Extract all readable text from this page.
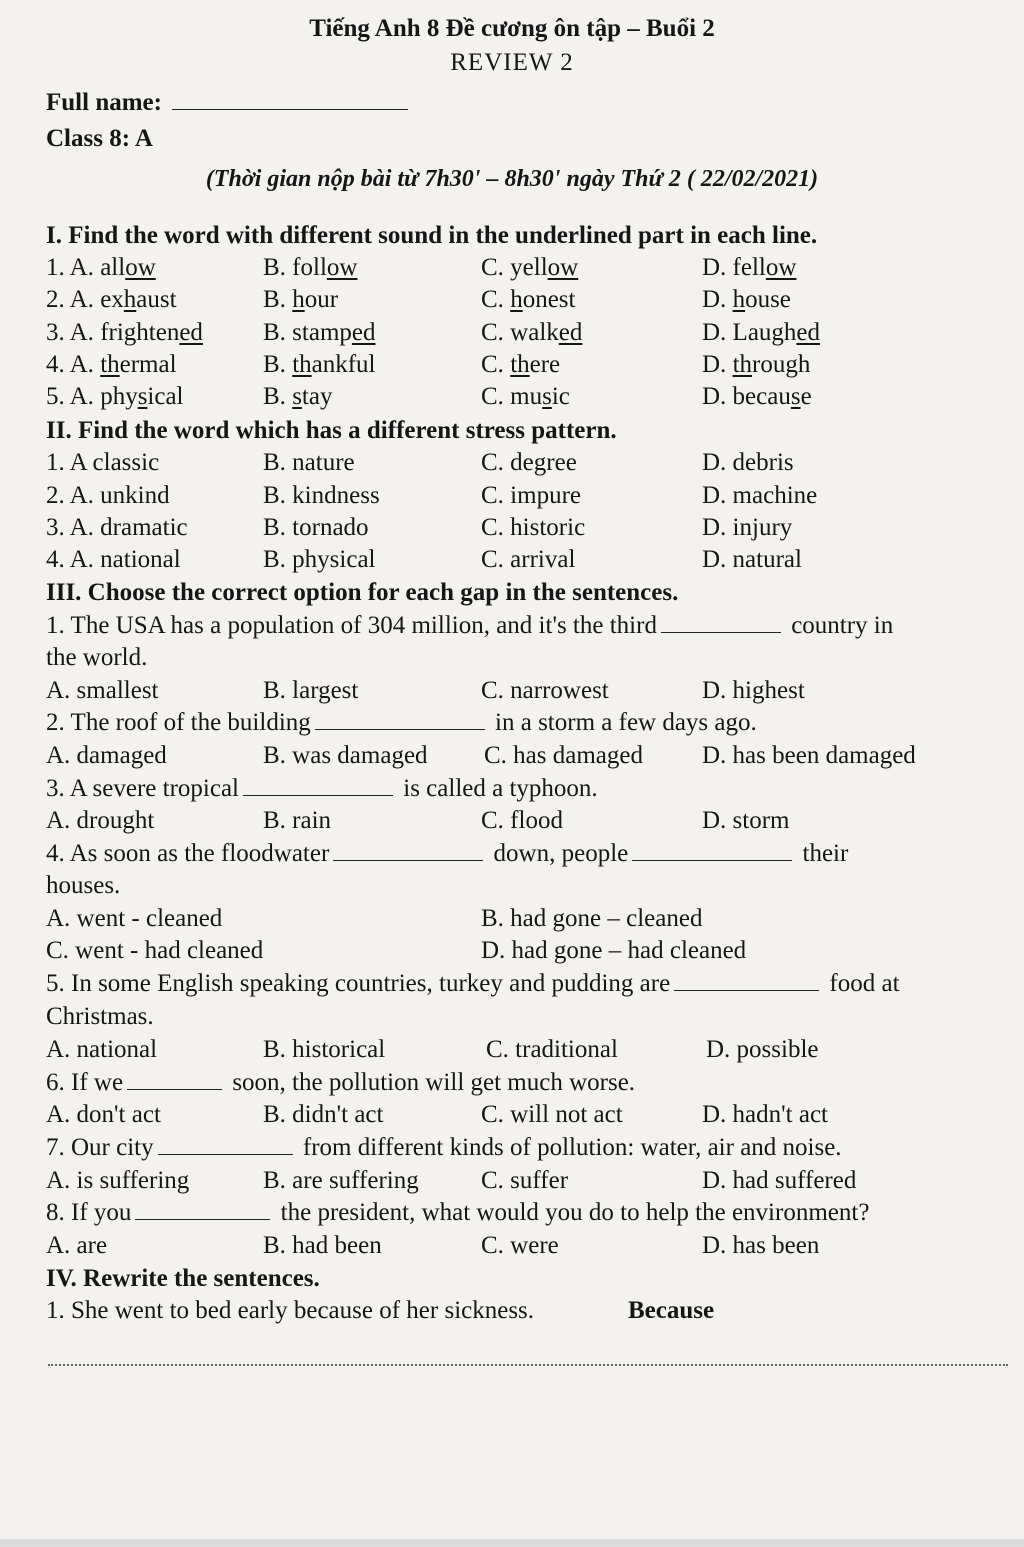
Tiếng Anh 8 Đề cương ôn tập – Buổi 2
REVIEW 2
Full name:
Class 8: A
(Thời gian nộp bài từ 7h30' – 8h30' ngày Thứ 2 ( 22/02/2021)
I. Find the word with different sound in the underlined part in each line.
1. A. allow	B. follow	C. yellow	D. fellow
2. A. exhaust	B. hour	C. honest	D. house
3. A. frightened B. stamped	C. walked	D. Laughed
4. A. thermal	B. thankful	C. there	D. through
5. A. physical	B. stay	C. music	D. because
II. Find the word which has a different stress pattern.
1. A classic	B. nature	C. degree	D. debris
2. A. unkind	B. kindness	C. impure	D. machine
3. A. dramatic	B. tornado	C. historic	D. injury
4. A. national	B. physical	C. arrival	D. natural
III. Choose the correct option for each gap in the sentences.
1. The USA has a population of 304 million, and it's the third	country in
the world.
A. smallest	B. largest	C. narrowest	D. highest
2. The roof of the building	in a storm a few days ago.
A. damaged	B. was damaged C. has damaged D. has been damaged
3. A severe tropical	is called a typhoon.
A. drought	B. rain	C. flood	D. storm
4. As soon as the floodwater	down, people	their
houses.
A. went - cleaned	B. had gone – cleaned
C. went - had cleaned	D. had gone – had cleaned
5. In some English speaking countries, turkey and pudding are	food at
Christmas.
A. national	B. historical	C. traditional	D. possible
6. If we	soon, the pollution will get much worse.
A. don't act	B. didn't act	C. will not act	D. hadn't act
7. Our city	from different kinds of pollution: water, air and noise.
A. is suffering	B. are suffering C. suffer	D. had suffered
8. If you	the president, what would you do to help the environment?
A. are	B. had been	C. were	D. has been
IV. Rewrite the sentences.
1. She went to bed early because of her sickness.	Because
